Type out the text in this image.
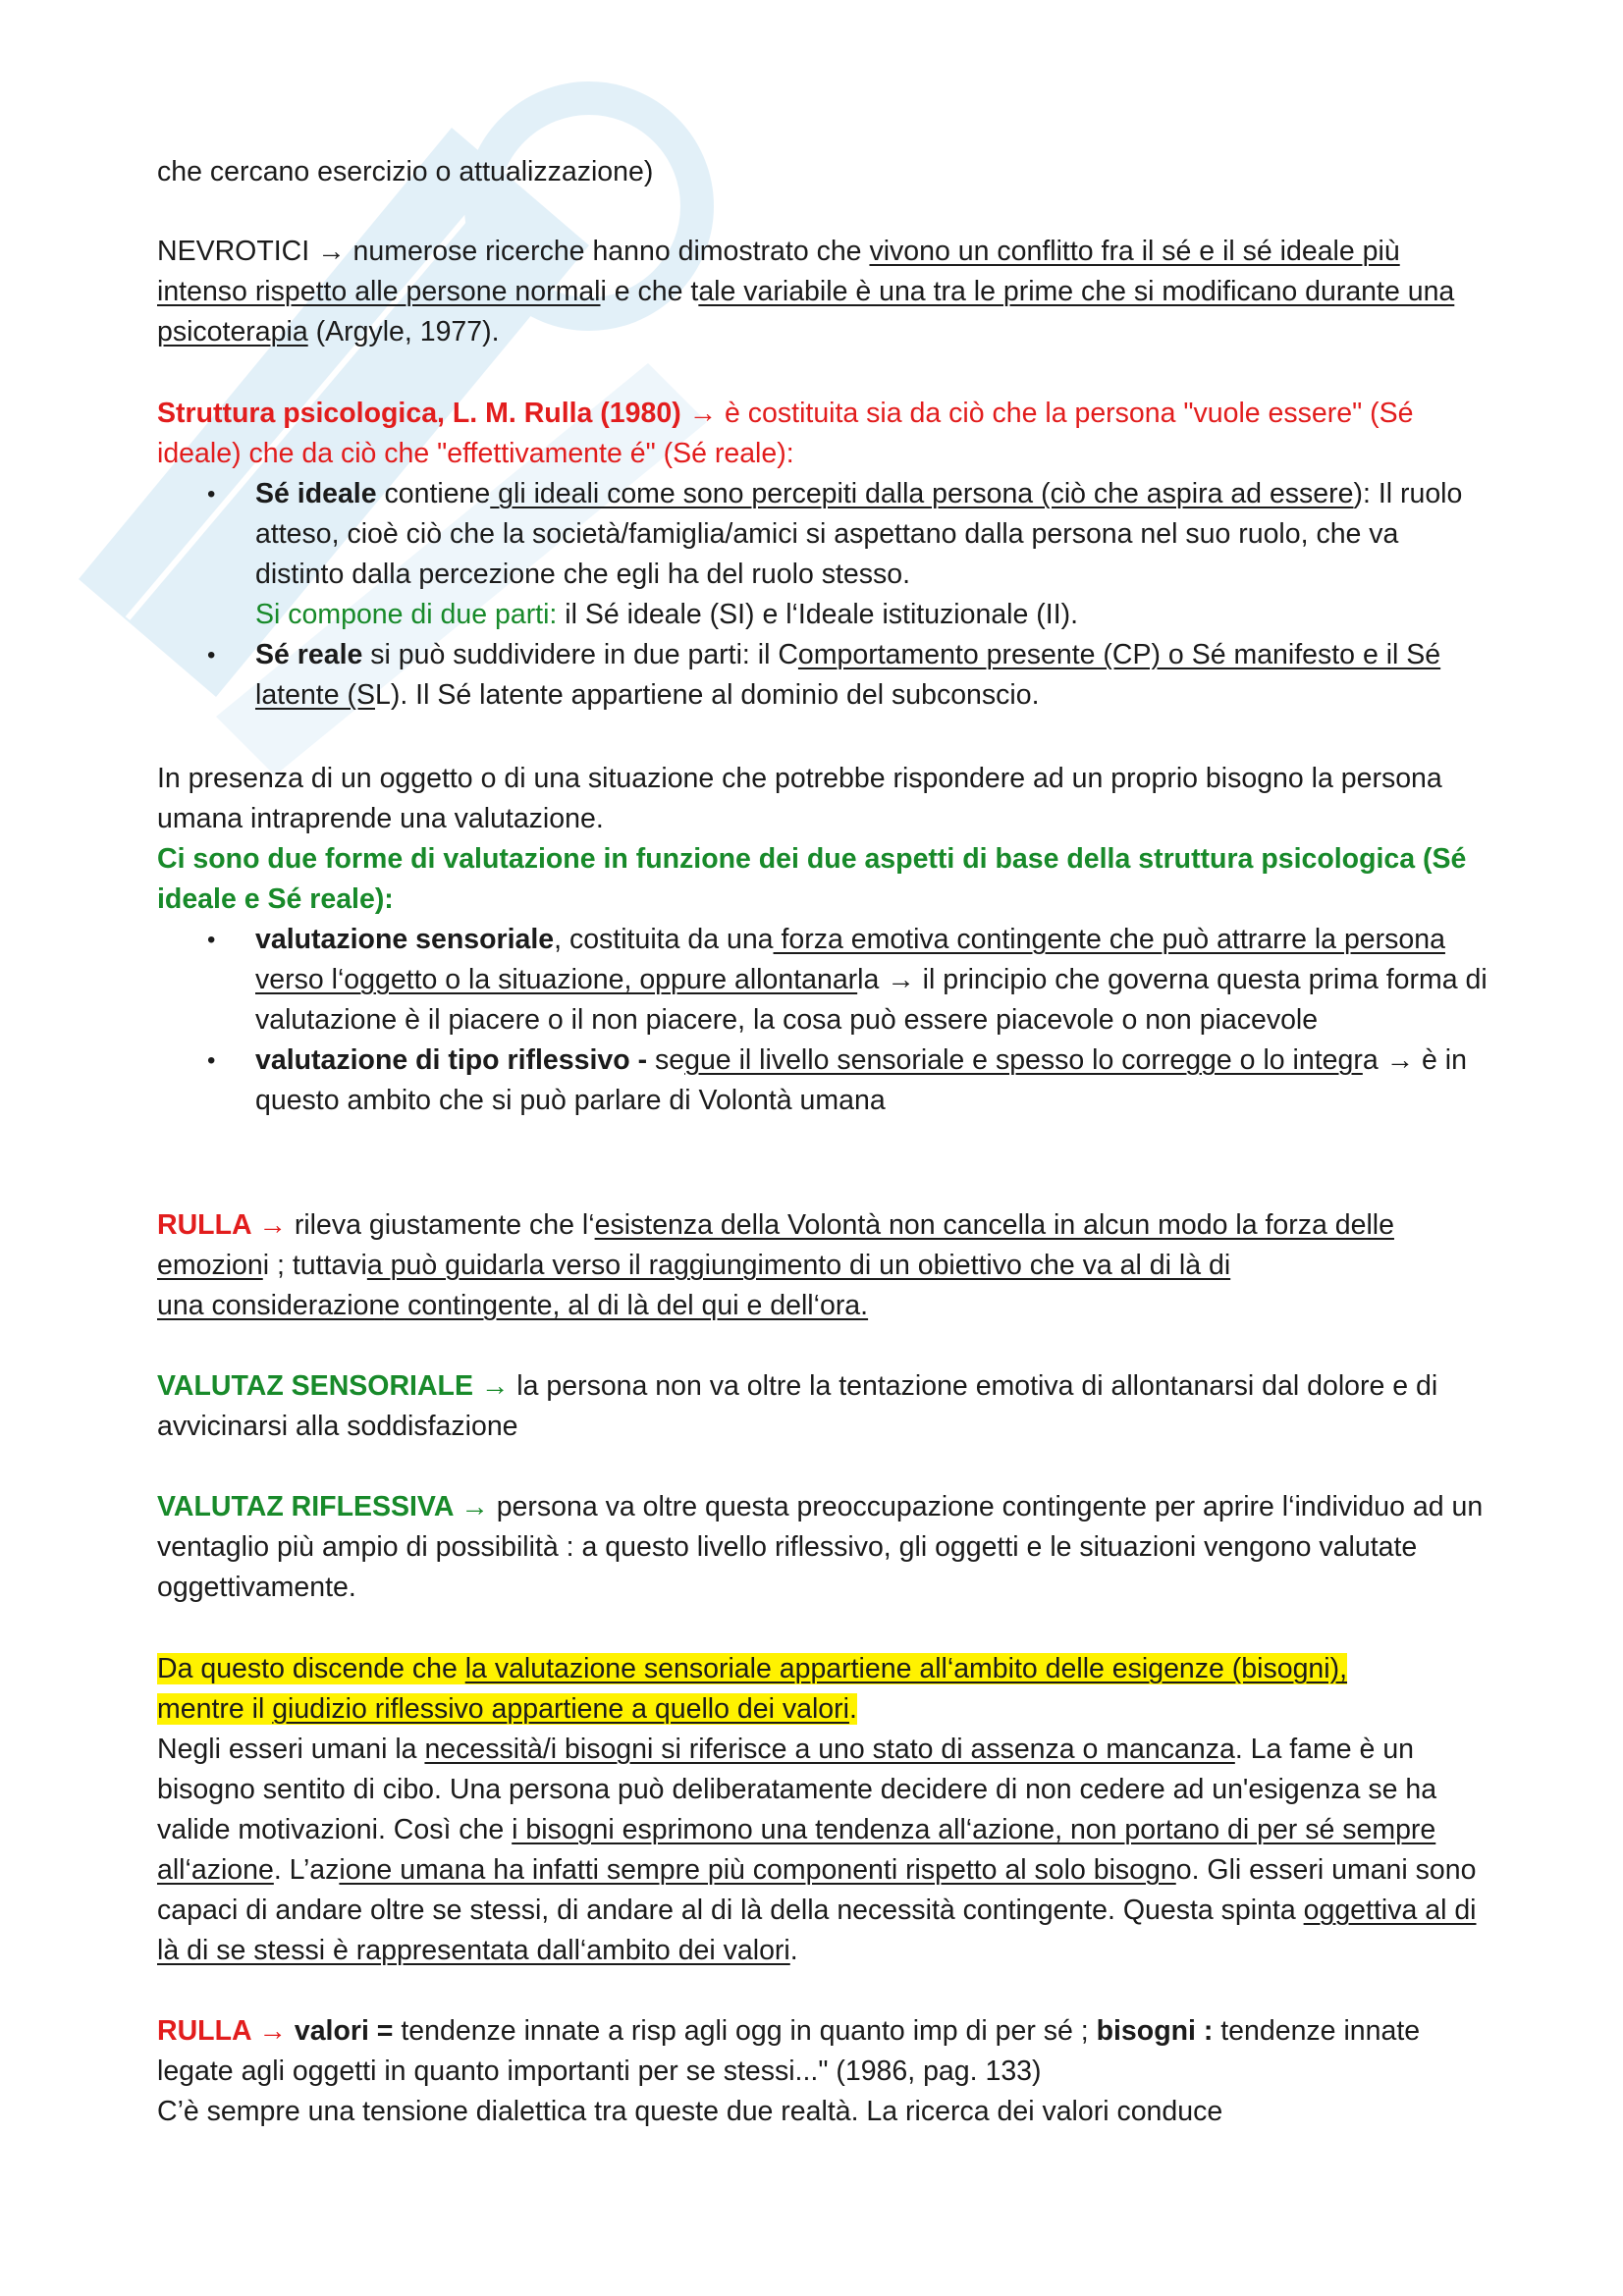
che cercano esercizio o attualizzazione)

NEVROTICI → numerose ricerche hanno dimostrato che vivono un conflitto fra il sé e il sé ideale più intenso rispetto alle persone normali e che tale variabile è una tra le prime che si modificano durante una psicoterapia (Argyle, 1977).

Struttura psicologica, L. M. Rulla (1980) → è costituita sia da ciò che la persona "vuole essere" (Sé ideale) che da ciò che "effettivamente é" (Sé reale):

• Sé ideale contiene gli ideali come sono percepiti dalla persona (ciò che aspira ad essere): Il ruolo atteso, cioè ciò che la società/famiglia/amici si aspettano dalla persona nel suo ruolo, che va distinto dalla percezione che egli ha del ruolo stesso.
Si compone di due parti: il Sé ideale (SI) e l‘Ideale istituzionale (II).
• Sé reale si può suddividere in due parti: il Comportamento presente (CP) o Sé manifesto e il Sé latente (SL). Il Sé latente appartiene al dominio del subconscio.

In presenza di un oggetto o di una situazione che potrebbe rispondere ad un proprio bisogno la persona umana intraprende una valutazione.

Ci sono due forme di valutazione in funzione dei due aspetti di base della struttura psicologica (Sé ideale e Sé reale):

• valutazione sensoriale, costituita da una forza emotiva contingente che può attrarre la persona verso l‘oggetto o la situazione, oppure allontanarla → il principio che governa questa prima forma di valutazione è il piacere o il non piacere, la cosa può essere piacevole o non piacevole
• valutazione di tipo riflessivo - segue il livello sensoriale e spesso lo corregge o lo integra → è in questo ambito che si può parlare di Volontà umana

RULLA → rileva giustamente che l‘esistenza della Volontà non cancella in alcun modo la forza delle emozioni ; tuttavia può guidarla verso il raggiungimento di un obiettivo che va al di là di
una considerazione contingente, al di là del qui e dell‘ora.

VALUTAZ SENSORIALE → la persona non va oltre la tentazione emotiva di allontanarsi dal dolore e di avvicinarsi alla soddisfazione

VALUTAZ RIFLESSIVA → persona va oltre questa preoccupazione contingente per aprire l‘individuo ad un ventaglio più ampio di possibilità : a questo livello riflessivo, gli oggetti e le situazioni vengono valutate oggettivamente.

Da questo discende che la valutazione sensoriale appartiene all‘ambito delle esigenze (bisogni),
mentre il giudizio riflessivo appartiene a quello dei valori.
Negli esseri umani la necessità/i bisogni si riferisce a uno stato di assenza o mancanza. La fame è un bisogno sentito di cibo. Una persona può deliberatamente decidere di non cedere ad un'esigenza se ha valide motivazioni. Così che i bisogni esprimono una tendenza all‘azione, non portano di per sé sempre all‘azione. L’azione umana ha infatti sempre più componenti rispetto al solo bisogno. Gli esseri umani sono capaci di andare oltre se stessi, di andare al di là della necessità contingente. Questa spinta oggettiva al di là di se stessi è rappresentata dall‘ambito dei valori.

RULLA → valori = tendenze innate a risp agli ogg in quanto imp di per sé ; bisogni : tendenze innate legate agli oggetti in quanto importanti per se stessi..." (1986, pag. 133)
C’è sempre una tensione dialettica tra queste due realtà. La ricerca dei valori conduce
